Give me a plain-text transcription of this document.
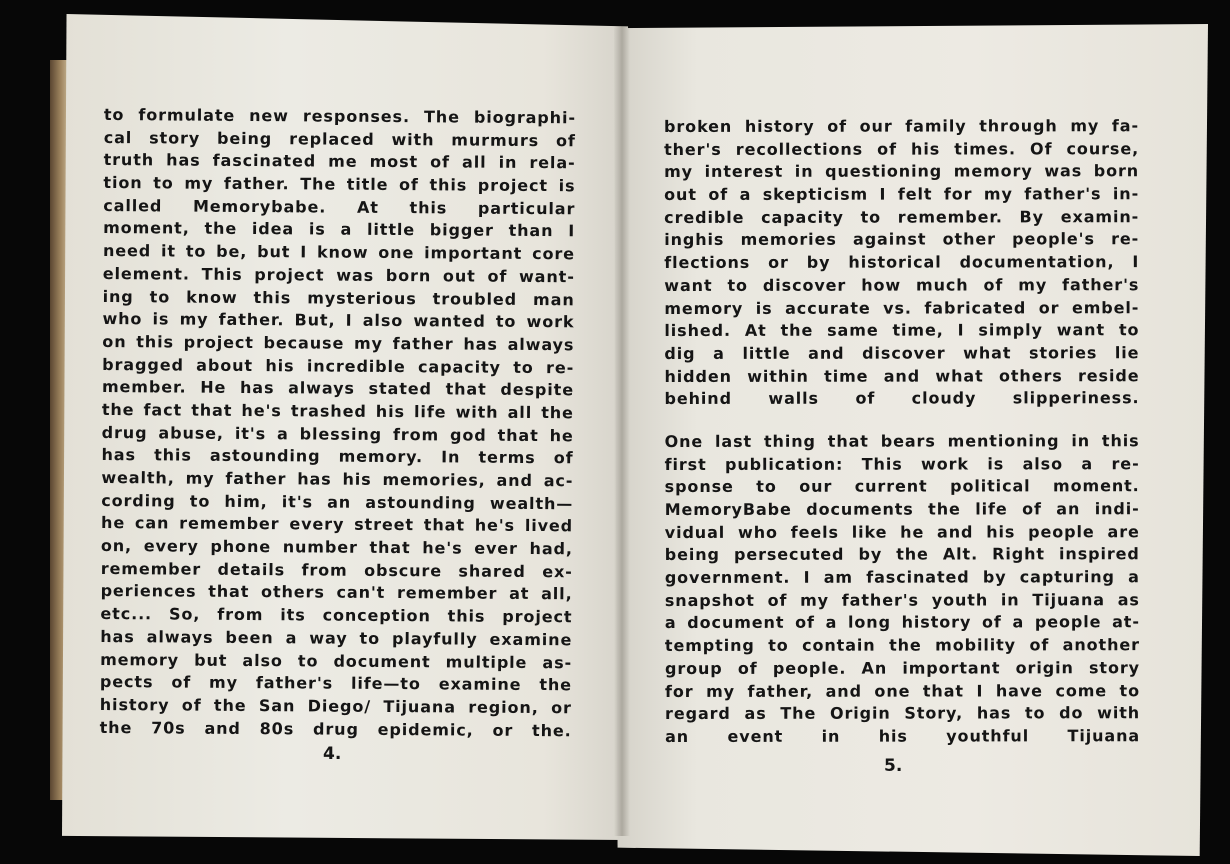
to formulate new responses. The biographi-
cal story being replaced with murmurs of
truth has fascinated me most of all in rela-
tion to my father. The title of this project is
called Memorybabe. At this particular
moment, the idea is a little bigger than I
need it to be, but I know one important core
element. This project was born out of want-
ing to know this mysterious troubled man
who is my father. But, I also wanted to work
on this project because my father has always
bragged about his incredible capacity to re-
member. He has always stated that despite
the fact that he's trashed his life with all the
drug abuse, it's a blessing from god that he
has this astounding memory. In terms of
wealth, my father has his memories, and ac-
cording to him, it's an astounding wealth—
he can remember every street that he's lived
on, every phone number that he's ever had,
remember details from obscure shared ex-
periences that others can't remember at all,
etc... So, from its conception this project
has always been a way to playfully examine
memory but also to document multiple as-
pects of my father's life—to examine the
history of the San Diego/ Tijuana region, or
the 70s and 80s drug epidemic, or the.
4.
broken history of our family through my fa-
ther's recollections of his times. Of course,
my interest in questioning memory was born
out of a skepticism I felt for my father's in-
credible capacity to remember. By examin-
inghis memories against other people's re-
flections or by historical documentation, I
want to discover how much of my father's
memory is accurate vs. fabricated or embel-
lished. At the same time, I simply want to
dig a little and discover what stories lie
hidden within time and what others reside
behind walls of cloudy slipperiness.
One last thing that bears mentioning in this
first publication: This work is also a re-
sponse to our current political moment.
MemoryBabe documents the life of an indi-
vidual who feels like he and his people are
being persecuted by the Alt. Right inspired
government. I am fascinated by capturing a
snapshot of my father's youth in Tijuana as
a document of a long history of a people at-
tempting to contain the mobility of another
group of people. An important origin story
for my father, and one that I have come to
regard as The Origin Story, has to do with
an event in his youthful Tijuana
5.
